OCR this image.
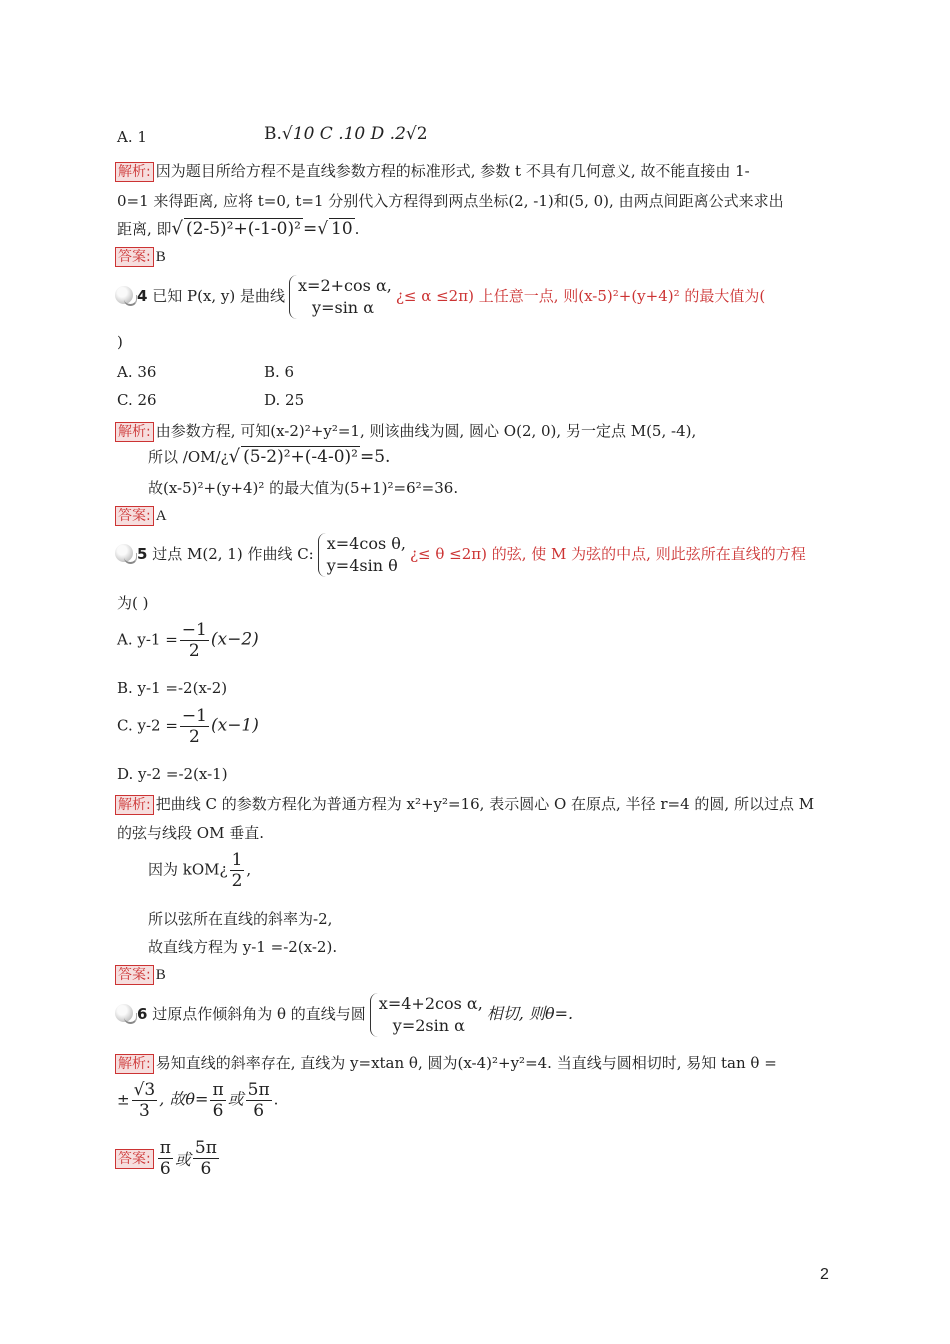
A. 1	B. √ 10 C .10 D .2 √ 2
解析: 因为题目所给方程不是直线参数方程的标准形式, 参数 t 不具有几何意义, 故不能直接由 1-
0=1 来得距离, 应将 t=0, t=1 分别代入方程得到两点坐标(2, -1)和(5, 0), 由两点间距离公式来求出
距离, 即 √ (2-5)²+(-1-0)² = √ 10 .
答案: B
4 已知 P(x, y) 是曲线
x=2+cos α,
y=sin α
¿≤ α ≤2π) 上任意一点, 则(x-5)²+(y+4)² 的最大值为(
)
A. 36	B. 6
C. 26	D. 25
解析: 由参数方程, 可知(x-2)²+y²=1, 则该曲线为圆, 圆心 O(2, 0), 另一定点 M(5, -4),
所以 /OM/¿ √ (5-2)²+(-4-0)² =5.
故(x-5)²+(y+4)² 的最大值为(5+1)²=6²=36.
答案: A
5 过点 M(2, 1) 作曲线 C:
x=4cos θ,
y=4sin θ
¿≤ θ ≤2π) 的弦, 使 M 为弦的中点, 则此弦所在直线的方程
为( )
A. $y-1 = \frac{-1}{2} (x-2)$
B. y-1 =-2(x-2)
C. $y-2 = \frac{-1}{2} (x-1)$
D. y-2 =-2(x-1)
解析: 把曲线 C 的参数方程化为普通方程为 x²+y²=16, 表示圆心 O 在原点, 半径 r=4 的圆, 所以过点 M
的弦与线段 OM 垂直.
因为 kOM¿ $\frac{1}{2}$ ,
所以弦所在直线的斜率为-2,
故直线方程为 y-1 =-2(x-2).
答案: B
6 过原点作倾斜角为 θ 的直线与圆
x=4+2cos α,
y=2sin α
相切, 则θ=.
解析: 易知直线的斜率存在, 直线为 y=xtan θ, 圆为(x-4)²+y²=4. 当直线与圆相切时, 易知 tan θ =
± $\frac{√3}{3}$ , 故$\theta= \frac{\pi}{6}$ 或 $\frac{5\pi}{6}$ .
答案: $\frac{\pi}{6}$ 或 $\frac{5\pi}{6}$
2
